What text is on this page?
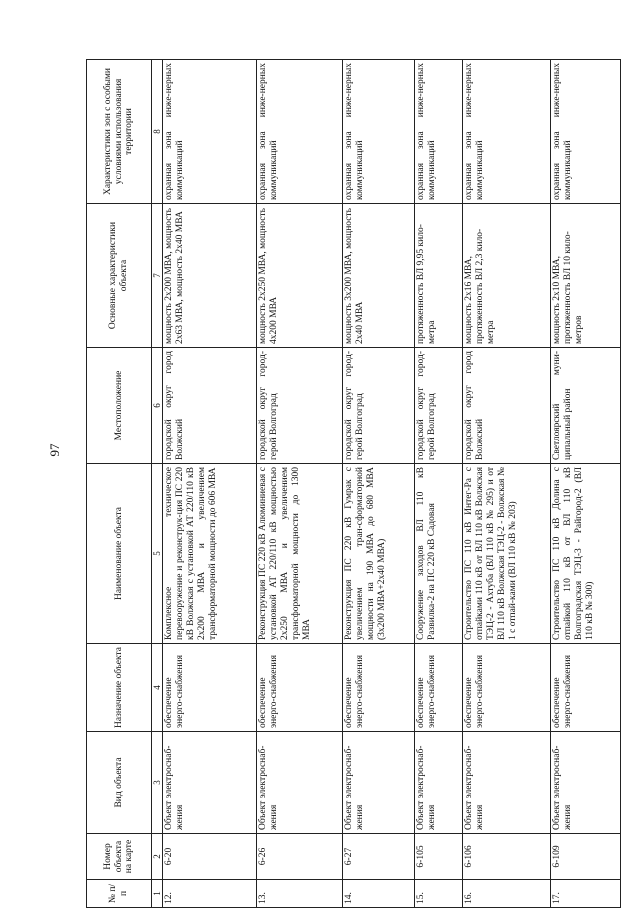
97
№ п/п	Номер объекта на карте	Вид объекта	Назначение объекта	Наименование объекта	Местоположение	Основные характеристики объекта	Характеристики зон с особыми условиями использования территории
1	2	3	4	5	6	7	8
12.	6-20	Объект электроснаб-жения	обеспечение энерго-снабжения	Комплексное техническое перевооружение и реконструк-ция ПС 220 кВ Волжская с установкой АТ 220/110 кВ 2х200 МВА и увеличением трансформаторной мощности до 606 МВА	городской округ город Волжский	мощность 2х200 МВА, мощность 2х63 МВА, мощность 2х40 МВА	охранная зона инже-нерных коммуникаций
13.	6-26	Объект электроснаб-жения	обеспечение энерго-снабжения	Реконструкция ПС 220 кВ Алюминиевая с установкой АТ 220/110 кВ мощностью 2х250 МВА и увеличением трансформаторной мощности до 1300 МВА	городской округ город-герой Волгоград	мощность 2х250 МВА, мощность 4х200 МВА	охранная зона инже-нерных коммуникаций
14.	6-27	Объект электроснаб-жения	обеспечение энерго-снабжения	Реконструкция ПС 220 кВ Гумрак с увеличением тран-сформаторной мощности на 190 МВА до 680 МВА (3х200 МВА+2х40 МВА)	городской округ город-герой Волгоград	мощность 3х200 МВА, мощность 2х40 МВА	охранная зона инже-нерных коммуникаций
15.	6-105	Объект электроснаб-жения	обеспечение энерго-снабжения	Сооружение заходов ВЛ 110 кВ Развилка-2 на ПС 220 кВ Садовая	городской округ город-герой Волгоград	протяженность ВЛ 9,95 кило-метра	охранная зона инже-нерных коммуникаций
16.	6-106	Объект электроснаб-жения	обеспечение энерго-снабжения	Строительство ПС 110 кВ Интег-Ра с отпайками 110 кВ от ВЛ 110 кВ Волжская ТЭЦ-2 - Ахтуба (ВЛ 110 кВ № 295) и от ВЛ 110 кВ Волжская ТЭЦ-2 - Волжская № 1 с отпай-ками (ВЛ 110 кВ № 203)	городской округ город Волжский	мощность 2х16 МВА, протяженность ВЛ 2,3 кило-метра	охранная зона инже-нерных коммуникаций
17.	6-109	Объект электроснаб-жения	обеспечение энерго-снабжения	Строительство ПС 110 кВ Долина с отпайкой 110 кВ от ВЛ 110 кВ Волгоградская ТЭЦ-3 - Райгород-2 (ВЛ 110 кВ № 300)	Светлоярский муни-ципальный район	мощность 2х10 МВА, протяженность ВЛ 10 кило-метров	охранная зона инже-нерных коммуникаций
